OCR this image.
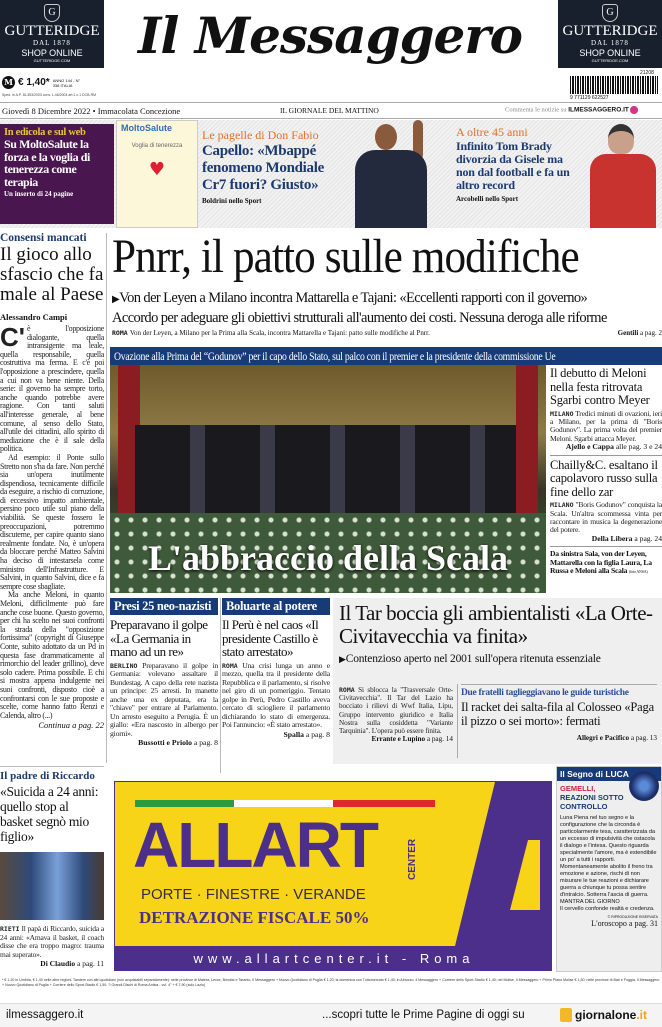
G
GUTTERIDGE
DAL 1878
SHOP ONLINE
GUTTERIDGE.COM
G
GUTTERIDGE
DAL 1878
SHOP ONLINE
GUTTERIDGE.COM
Il Messaggero
M € 1,40* ANNO 144 - N° 338 ITALIA
Sped. in A.P. DL353/2003 conv. L.46/2004 art.1 c.1 DCB-RM	9 771129 622527
21208
Giovedì 8 Dicembre 2022 • Immacolata Concezione	IL GIORNALE DEL MATTINO	Commenta le notizie su ILMESSAGGERO.IT
In edicola e sul web
Su MoltoSalute la forza e la voglia di tenerezza come terapia
Un inserto di 24 pagine
MoltoSalute
Voglia di tenerezza
♥
Le pagelle di Don Fabio
Capello: «Mbappé fenomeno Mondiale Cr7 fuori? Giusto»
Boldrini nello Sport
A oltre 45 anni
Infinito Tom Brady divorzia da Gisele ma non dal football e fa un altro record
Arcobelli nello Sport
Consensi mancati
Il gioco allo sfascio che fa male al Paese
Alessandro Campi
C' è l'opposizione dialogante, quella intransigente ma leale, quella responsabile, quella costruttiva ma ferma. E c'è poi l'opposizione a prescindere, quella a cui non va bene niente. Della serie: il governo ha sempre torto, anche quando potrebbe avere ragione. Con tanti saluti all'interesse generale, al bene comune, al senso dello Stato, all'utile dei cittadini, allo spirito di mediazione che è il sale della politica.
Ad esempio: il Ponte sullo Stretto non s'ha da fare. Non perché sia un'opera inutilmente dispendiosa, tecnicamente difficile da eseguire, a rischio di corruzione, di eccessivo impatto ambientale, persino poco utile sul piano della viabilità. Se queste fossero le preoccupazioni, potremmo discuterne, per capire quanto siano realmente fondate. No, è un'opera da bloccare perché Matteo Salvini ha deciso di intestarsela come ministro dell'Infrastrutture. E Salvini, in quanto Salvini, dice e fa sempre cose sbagliate.
Ma anche Meloni, in quanto Meloni, difficilmente può fare anche cose buone. Questo governo, per chi ha scelto nei suoi confronti la strada della "opposizione fortissima" (copyright di Giuseppe Conte, subito adottato da un Pd in questa fase drammaticamente al rimorchio del leader grillino), deve solo cadere. Prima possibile. E chi si mostra appena indulgente nei suoi confronti, disposto cioè a confrontarsi con le sue proposte e scelte, come hanno fatto Renzi e Calenda, altro (...)
Continua a pag. 22
Pnrr, il patto sulle modifiche
▶Von der Leyen a Milano incontra Mattarella e Tajani: «Eccellenti rapporti con il governo»
Accordo per adeguare gli obiettivi strutturali all'aumento dei costi. Nessuna deroga alle riforme
ROMA Von der Leyen, a Milano per la Prima alla Scala, incontra Mattarella e Tajani: patto sulle modifiche al Pnrr.	Gentili a pag. 2
Ovazione alla Prima del “Godunov” per il capo dello Stato, sul palco con il premier e la presidente della commissione Ue
L'abbraccio della Scala
Il debutto di Meloni nella festa ritrovata Sgarbi contro Meyer
MILANO Tredici minuti di ovazioni, ieri a Milano, per la prima di "Boris Godunov". La prima volta del premier Meloni. Sgarbi attacca Meyer.
Ajello e Cappa alle pag. 3 e 24
Chailly&C. esaltano il capolavoro russo sulla fine dello zar
MILANO "Boris Godunov" conquista la Scala. Un'altra scommessa vinta per raccontare in musica la degenerazione del potere.
Della Libera a pag. 24
Da sinistra Sala, von der Leyen, Mattarella con la figlia Laura, La Russa e Meloni alla Scala (foto ANSA)
Presi 25 neo-nazisti
Preparavano il golpe «La Germania in mano ad un re»
BERLINO Preparavano il golpe in Germania: volevano assaltare il Bundestag. A capo della rete nazista un principe: 25 arresti. In manette anche una ex deputata, era la "chiave" per entrare al Parlamento. Un arresto eseguito a Perugia. È un giallo: «Era nascosto in albergo per giorni».
Bussotti e Priolo a pag. 8
Boluarte al potere
Il Perù è nel caos «Il presidente Castillo è stato arrestato»
ROMA Una crisi lunga un anno e mezzo, quella tra il presidente della Repubblica e il parlamento, si risolve nel giro di un pomeriggio. Tentato golpe in Perù, Pedro Castillo aveva cercato di sciogliere il parlamento dichiarando lo stato di emergenza. Poi l'annuncio: «È stato arrestato».
Spalla a pag. 8
Il Tar boccia gli ambientalisti «La Orte-Civitavecchia va finita»
▶Contenzioso aperto nel 2001 sull'opera ritenuta essenziale
ROMA Si sblocca la "Trasversale Orte-Civitavecchia". Il Tar del Lazio ha bocciato i rilievi di Wwf Italia, Lipu, Gruppo intervento giuridico e Italia Nostra sulla cosiddetta "Variante Tarquinia". L'opera può essere finita.
Errante e Lupino a pag. 14
Due fratelli taglieggiavano le guide turistiche
Il racket dei salta-fila al Colosseo «Paga il pizzo o sei morto»: fermati
Allegri e Pacifico a pag. 13
Il padre di Riccardo
«Suicida a 24 anni: quello stop al basket segnò mio figlio»
RIETI Il papà di Riccardo, suicida a 24 anni: «Amava il basket, il coach disse che era troppo magro: trauma mai superato».
Di Claudio a pag. 11
ALLART	CENTER
PORTE · FINESTRE · VERANDE
DETRAZIONE FISCALE 50%
www.allartcenter.it - Roma
Il Segno di LUCA
GEMELLI, REAZIONI SOTTO CONTROLLO
Luna Piena nel tuo segno e la configurazione che la circonda è particolarmente tesa, caratterizzata da un eccesso di impulsività che ostacola il dialogo e l'intesa. Questo riguarda specialmente l'amore, ma è estendibile un po' a tutti i rapporti. Momentaneamente abolito il freno tra emozione e azione, rischi di non misurare le tue reazioni e dichiarare guerra a chiunque tu possa sentire d'intralcio. Sotterra l'ascia di guerra.
MANTRA DEL GIORNO
Il cervello confonde realtà e credenza.
© RIPRODUZIONE RISERVATA
L'oroscopo a pag. 31
* € 1,20 in Umbria, € 1,40 nelle altre regioni. Tandem con altri quotidiani (non acquistabili separatamente): nelle province di Matera, Lecce, Brindisi e Taranto, Il Messaggero + Nuovo Quotidiano di Puglia € 1,20; la domenica con Tuttomercato € 1,40; in Abruzzo, Il Messaggero + Corriere dello Sport-Stadio € 1,40; nel Molise, Il Messaggero + Primo Piano Molise € 1,50; nelle province di Bari e Foggia, Il Messaggero + Nuovo Quotidiano di Puglia + Corriere dello Sport-Stadio € 1,50. "I Grandi Dischi di Roma Antica - vol. 4" + € 7,90 (solo Lazio)
ilmessaggero.it	...scopri tutte le Prime Pagine di oggi su	giornalone.it
